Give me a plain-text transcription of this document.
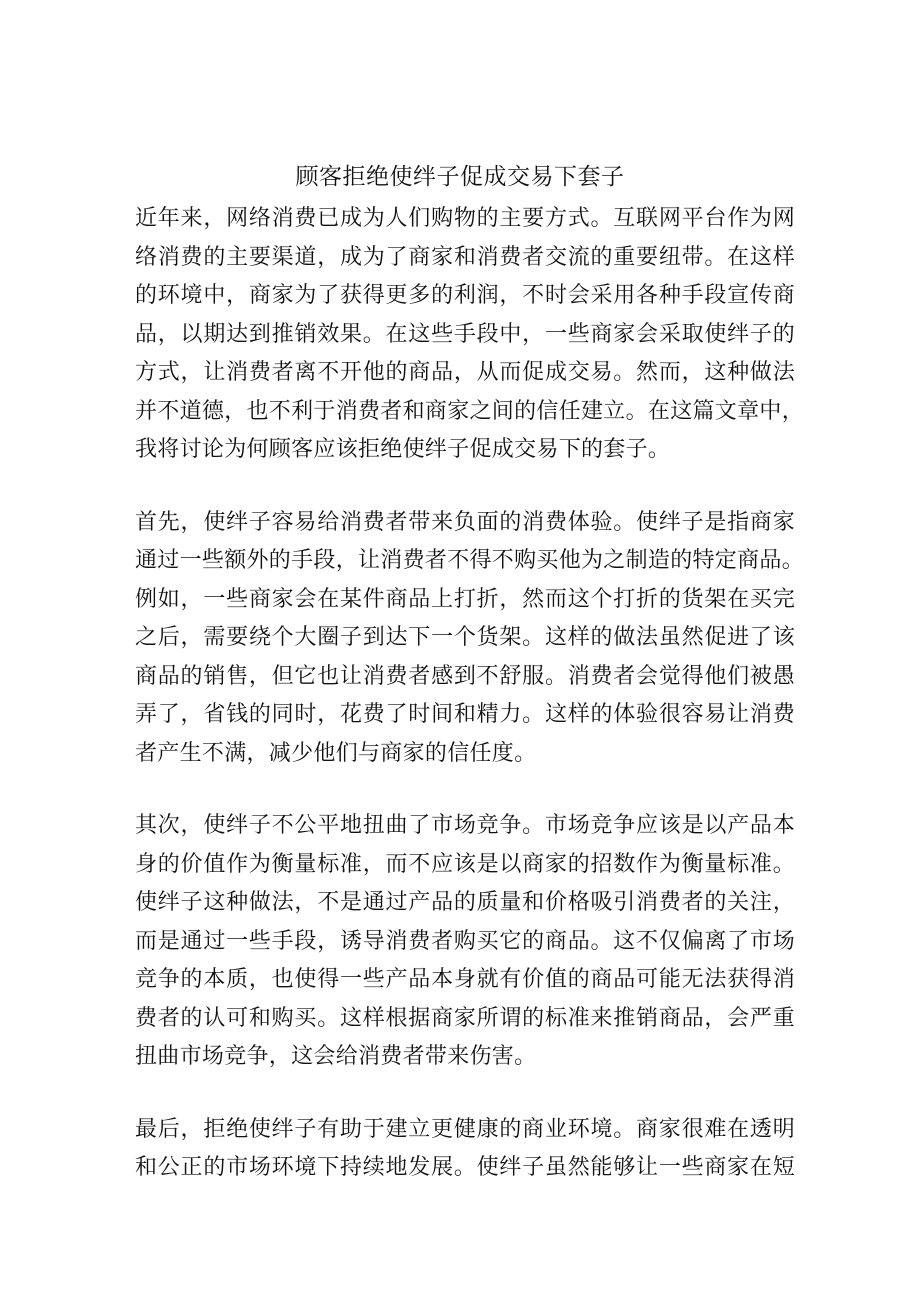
顾客拒绝使绊子促成交易下套子

近年来，网络消费已成为人们购物的主要方式。互联网平台作为网
络消费的主要渠道，成为了商家和消费者交流的重要纽带。在这样
的环境中，商家为了获得更多的利润，不时会采用各种手段宣传商
品，以期达到推销效果。在这些手段中，一些商家会采取使绊子的
方式，让消费者离不开他的商品，从而促成交易。然而，这种做法
并不道德，也不利于消费者和商家之间的信任建立。在这篇文章中，
我将讨论为何顾客应该拒绝使绊子促成交易下的套子。

首先，使绊子容易给消费者带来负面的消费体验。使绊子是指商家
通过一些额外的手段，让消费者不得不购买他为之制造的特定商品。
例如，一些商家会在某件商品上打折，然而这个打折的货架在买完
之后，需要绕个大圈子到达下一个货架。这样的做法虽然促进了该
商品的销售，但它也让消费者感到不舒服。消费者会觉得他们被愚
弄了，省钱的同时，花费了时间和精力。这样的体验很容易让消费
者产生不满，减少他们与商家的信任度。

其次，使绊子不公平地扭曲了市场竞争。市场竞争应该是以产品本
身的价值作为衡量标准，而不应该是以商家的招数作为衡量标准。
使绊子这种做法，不是通过产品的质量和价格吸引消费者的关注，
而是通过一些手段，诱导消费者购买它的商品。这不仅偏离了市场
竞争的本质，也使得一些产品本身就有价值的商品可能无法获得消
费者的认可和购买。这样根据商家所谓的标准来推销商品，会严重
扭曲市场竞争，这会给消费者带来伤害。

最后，拒绝使绊子有助于建立更健康的商业环境。商家很难在透明
和公正的市场环境下持续地发展。使绊子虽然能够让一些商家在短
